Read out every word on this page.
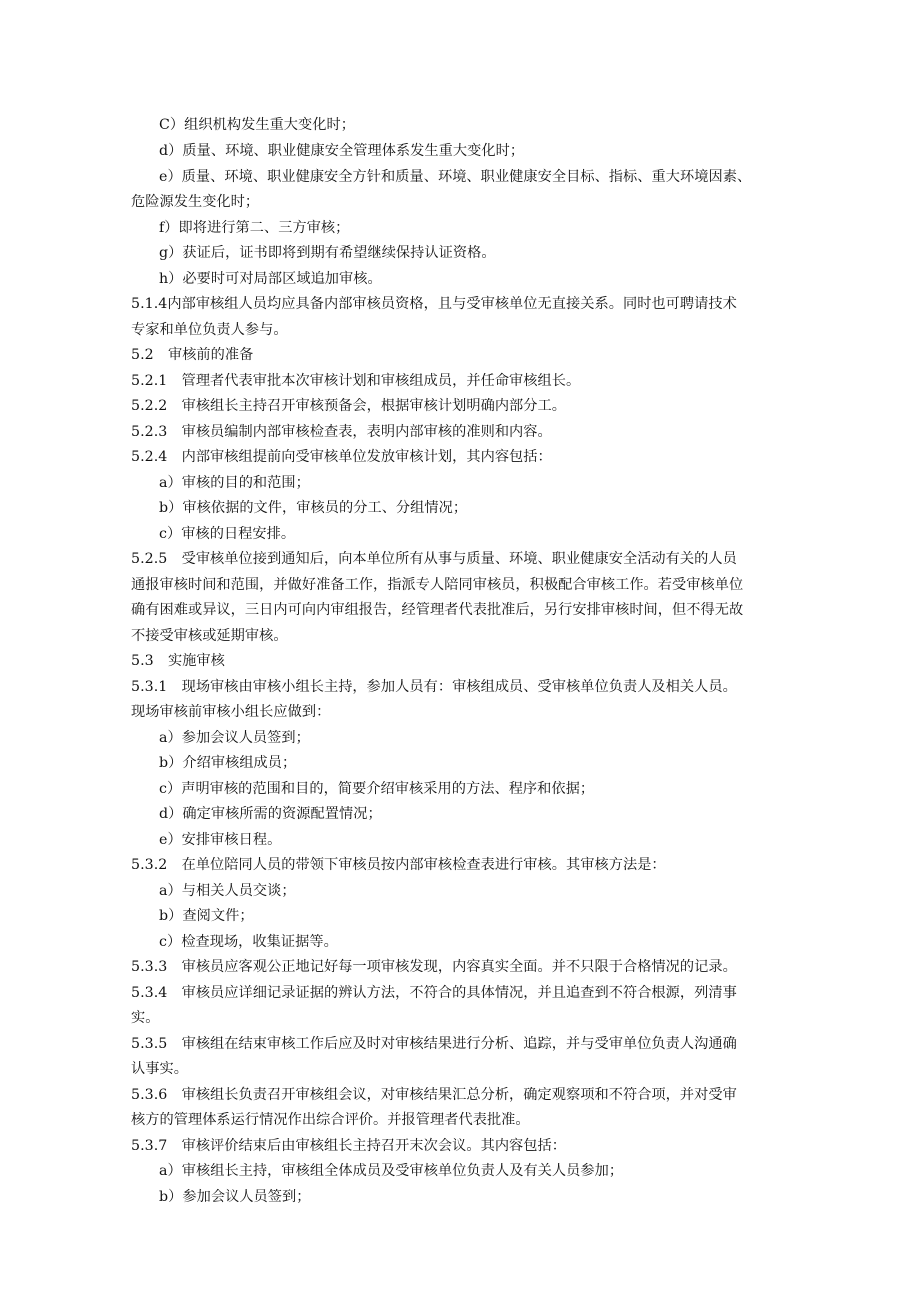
C）组织机构发生重大变化时；
d）质量、环境、职业健康安全管理体系发生重大变化时；
e）质量、环境、职业健康安全方针和质量、环境、职业健康安全目标、指标、重大环境因素、
危险源发生变化时；
f）即将进行第二、三方审核；
g）获证后，证书即将到期有希望继续保持认证资格。
h）必要时可对局部区域追加审核。
5.1.4内部审核组人员均应具备内部审核员资格，且与受审核单位无直接关系。同时也可聘请技术
专家和单位负责人参与。
5.2　审核前的准备
5.2.1　管理者代表审批本次审核计划和审核组成员，并任命审核组长。
5.2.2　审核组长主持召开审核预备会，根据审核计划明确内部分工。
5.2.3　审核员编制内部审核检查表，表明内部审核的准则和内容。
5.2.4　内部审核组提前向受审核单位发放审核计划，其内容包括：
a）审核的目的和范围；
b）审核依据的文件，审核员的分工、分组情况；
c）审核的日程安排。
5.2.5　受审核单位接到通知后，向本单位所有从事与质量、环境、职业健康安全活动有关的人员
通报审核时间和范围，并做好准备工作，指派专人陪同审核员，积极配合审核工作。若受审核单位
确有困难或异议，三日内可向内审组报告，经管理者代表批准后，另行安排审核时间，但不得无故
不接受审核或延期审核。
5.3　实施审核
5.3.1　现场审核由审核小组长主持，参加人员有：审核组成员、受审核单位负责人及相关人员。
现场审核前审核小组长应做到：
a）参加会议人员签到；
b）介绍审核组成员；
c）声明审核的范围和目的，简要介绍审核采用的方法、程序和依据；
d）确定审核所需的资源配置情况；
e）安排审核日程。
5.3.2　在单位陪同人员的带领下审核员按内部审核检查表进行审核。其审核方法是：
a）与相关人员交谈；
b）查阅文件；
c）检查现场，收集证据等。
5.3.3　审核员应客观公正地记好每一项审核发现，内容真实全面。并不只限于合格情况的记录。
5.3.4　审核员应详细记录证据的辨认方法，不符合的具体情况，并且追查到不符合根源，列清事
实。
5.3.5　审核组在结束审核工作后应及时对审核结果进行分析、追踪，并与受审单位负责人沟通确
认事实。
5.3.6　审核组长负责召开审核组会议，对审核结果汇总分析，确定观察项和不符合项，并对受审
核方的管理体系运行情况作出综合评价。并报管理者代表批准。
5.3.7　审核评价结束后由审核组长主持召开末次会议。其内容包括：
a）审核组长主持，审核组全体成员及受审核单位负责人及有关人员参加；
b）参加会议人员签到；
